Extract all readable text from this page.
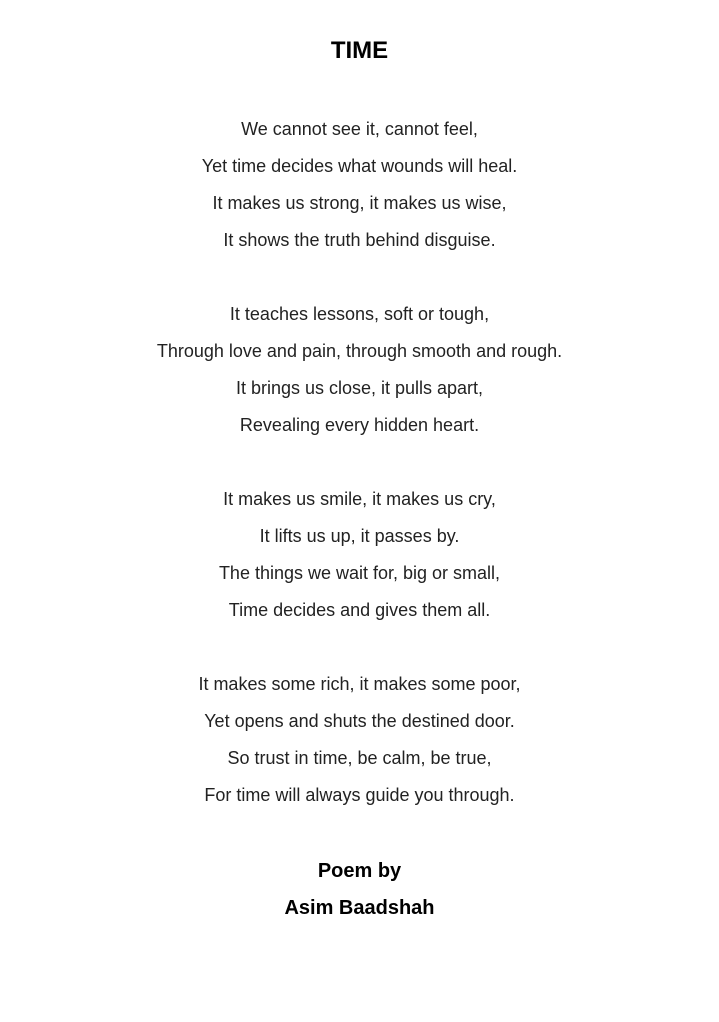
TIME
We cannot see it, cannot feel,
Yet time decides what wounds will heal.
It makes us strong, it makes us wise,
It shows the truth behind disguise.
It teaches lessons, soft or tough,
Through love and pain, through smooth and rough.
It brings us close, it pulls apart,
Revealing every hidden heart.
It makes us smile, it makes us cry,
It lifts us up, it passes by.
The things we wait for, big or small,
Time decides and gives them all.
It makes some rich, it makes some poor,
Yet opens and shuts the destined door.
So trust in time, be calm, be true,
For time will always guide you through.
Poem by
Asim Baadshah
